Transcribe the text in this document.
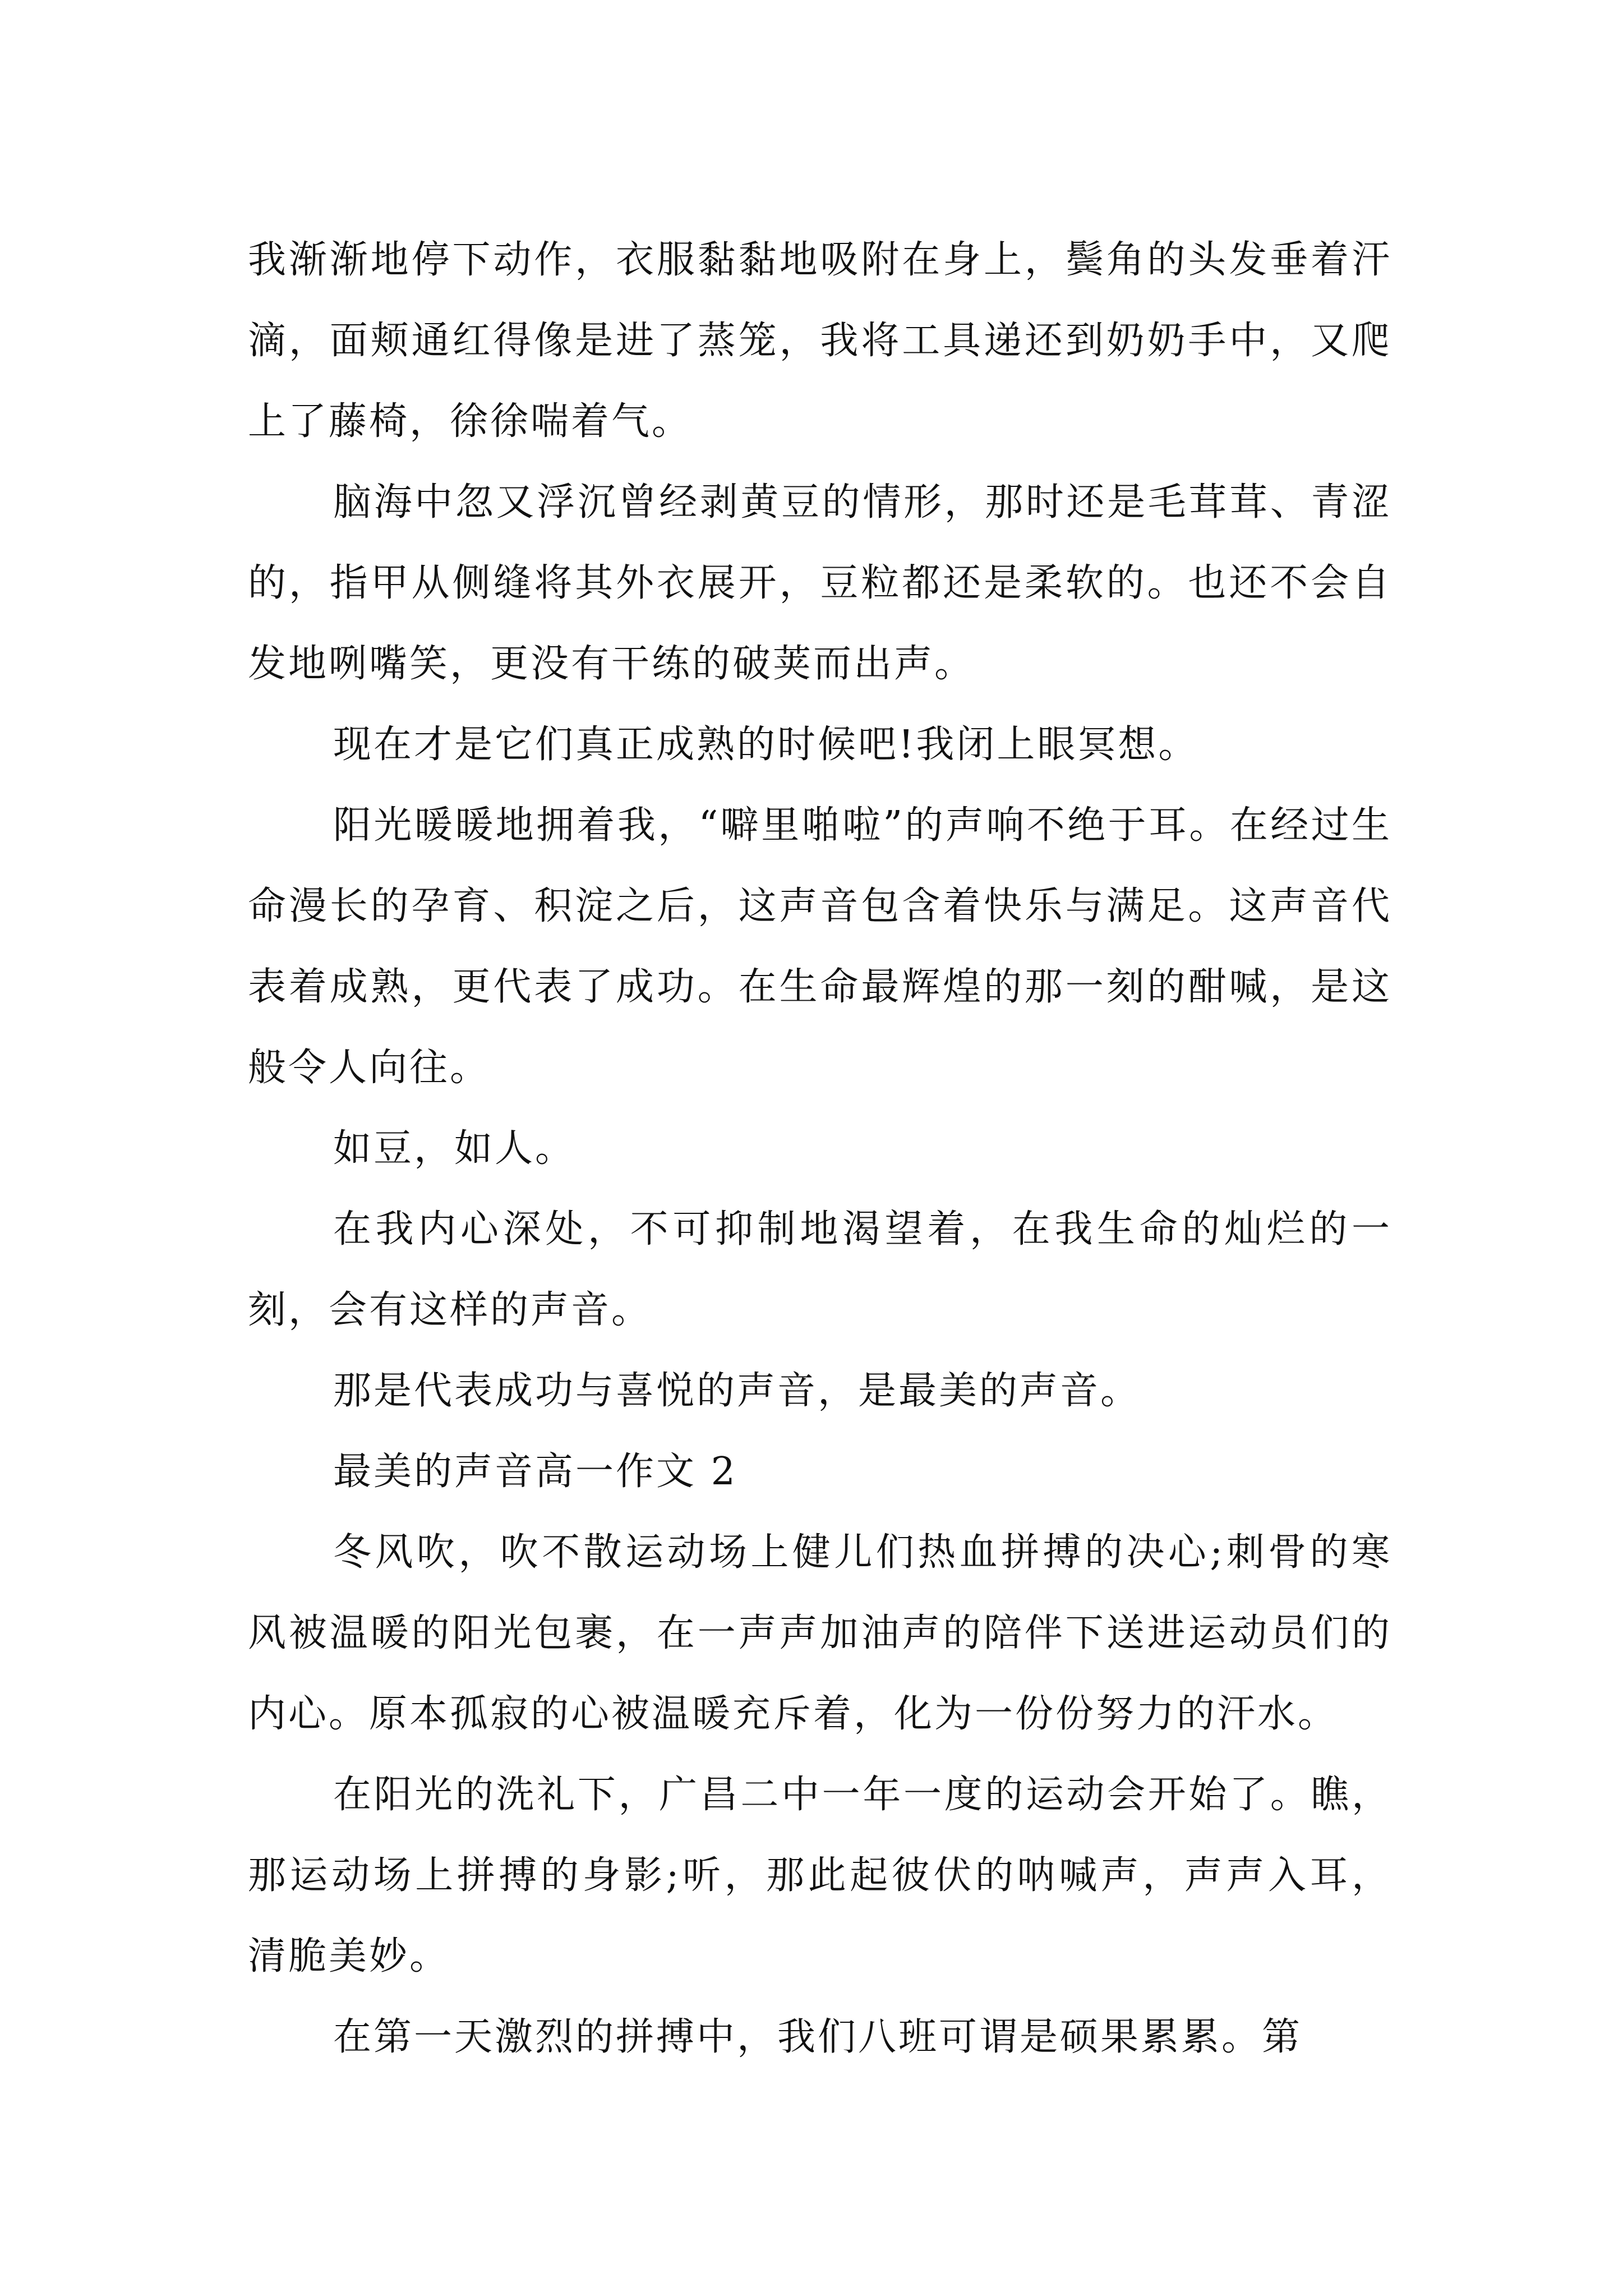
我渐渐地停下动作，衣服黏黏地吸附在身上，鬓角的头发垂着汗滴，面颊通红得像是进了蒸笼，我将工具递还到奶奶手中，又爬上了藤椅，徐徐喘着气。

脑海中忽又浮沉曾经剥黄豆的情形，那时还是毛茸茸、青涩的，指甲从侧缝将其外衣展开，豆粒都还是柔软的。也还不会自发地咧嘴笑，更没有干练的破荚而出声。

现在才是它们真正成熟的时候吧!我闭上眼冥想。

阳光暖暖地拥着我，“噼里啪啦”的声响不绝于耳。在经过生命漫长的孕育、积淀之后，这声音包含着快乐与满足。这声音代表着成熟，更代表了成功。在生命最辉煌的那一刻的酣喊，是这般令人向往。

如豆，如人。

在我内心深处，不可抑制地渴望着，在我生命的灿烂的一刻，会有这样的声音。

那是代表成功与喜悦的声音，是最美的声音。

最美的声音高一作文 2

冬风吹，吹不散运动场上健儿们热血拼搏的决心;刺骨的寒风被温暖的阳光包裹，在一声声加油声的陪伴下送进运动员们的内心。原本孤寂的心被温暖充斥着，化为一份份努力的汗水。

在阳光的洗礼下，广昌二中一年一度的运动会开始了。瞧，那运动场上拼搏的身影;听，那此起彼伏的呐喊声，声声入耳，清脆美妙。

在第一天激烈的拼搏中，我们八班可谓是硕果累累。第
